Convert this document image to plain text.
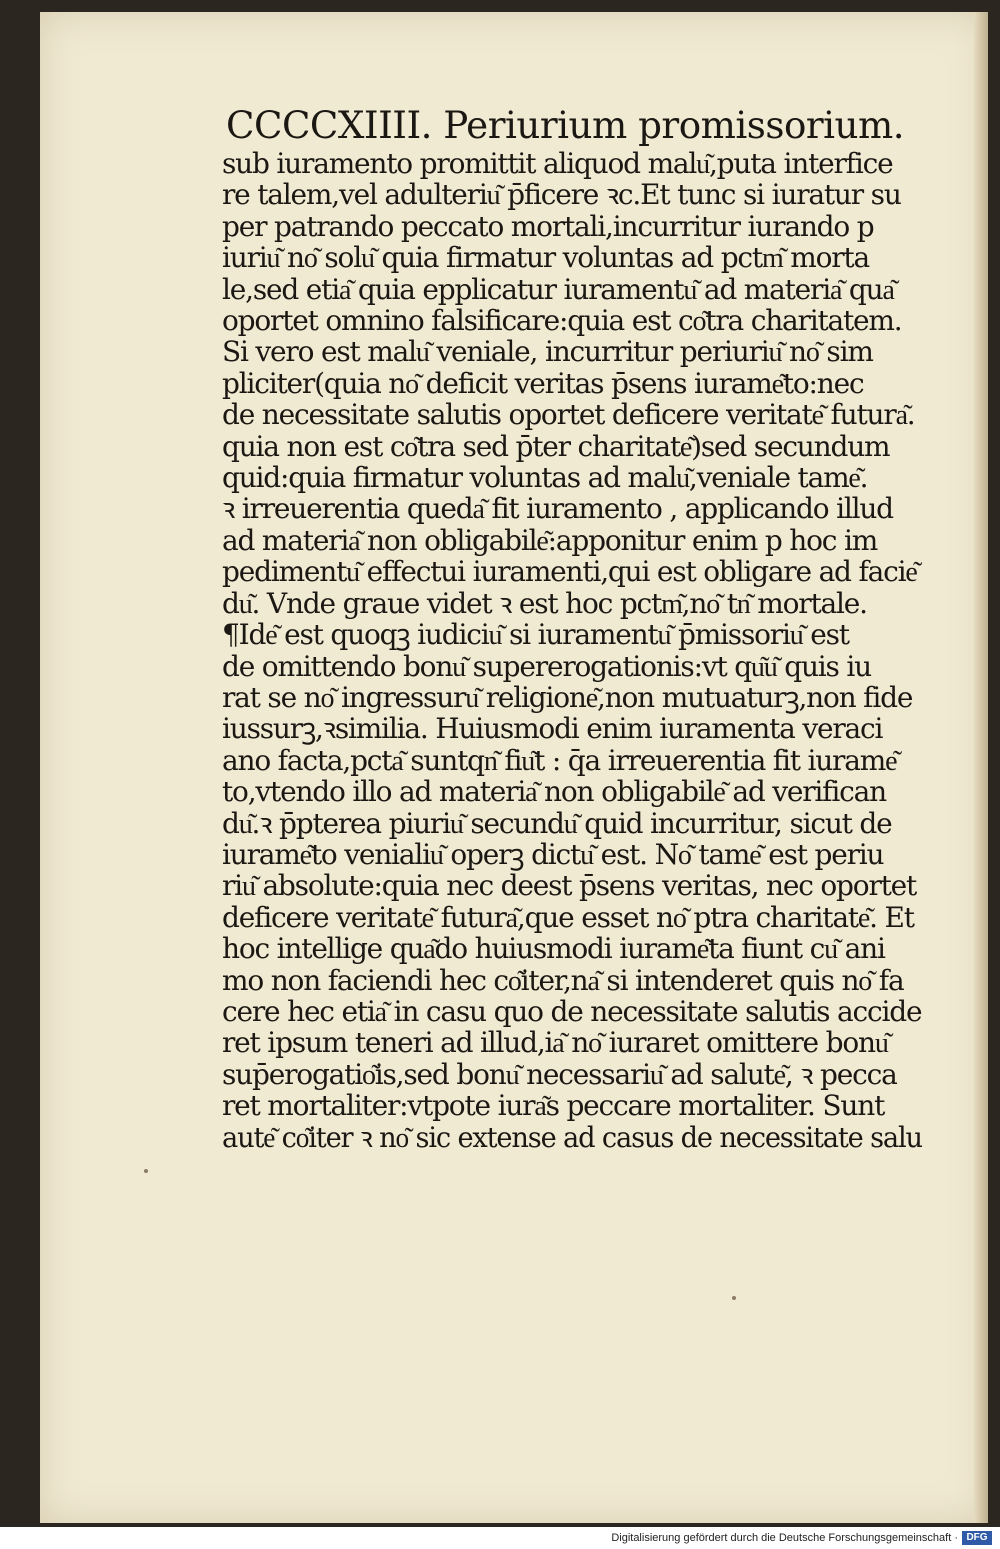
CCCCXIIII. Periurium promissorium.
sub iuramento promittit aliquod malu͂,puta interfice
re talem,vel adulteriu͂ p̄ficere ꝛc.Et tunc si iuratur su
per patrando peccato mortali,incurritur iurando p
iuriu͂ no͂ solu͂ quia firmatur voluntas ad pctm͂ morta
le,sed etia͂ quia epplicatur iuramentu͂ ad materia͂ qua͂
oportet omnino falsificare:quia est co͂tra charitatem.
Si vero est malu͂ veniale, incurritur periuriu͂ no͂ sim
pliciter(quia no͂ deficit veritas p̄sens iurame͂to:nec
de necessitate salutis oportet deficere veritate͂ futura͂.
quia non est co͂tra sed p̄ter charitate͂)sed secundum
quid:quia firmatur voluntas ad malu͂,veniale tame͂.
ꝛ irreuerentia queda͂ fit iuramento , applicando illud
ad materia͂ non obligabile͂:apponitur enim p hoc im
pedimentu͂ effectui iuramenti,qui est obligare ad facie͂
du͂. Vnde graue videt ꝛ est hoc pctm͂,no͂ tn͂ mortale.
¶Ide͂ est quoqꝫ iudiciu͂ si iuramentu͂ p̄missoriu͂ est
de omittendo bonu͂ supererogationis:vt qu͂u͂ quis iu
rat se no͂ ingressuru͂ religione͂,non mutuaturꝫ,non fide
iussurꝫ,ꝛsimilia. Huiusmodi enim iuramenta veraci
ano facta,pcta͂ suntqn͂ fiu͂t : q̄a irreuerentia fit iurame͂
to,vtendo illo ad materia͂ non obligabile͂ ad verifican
du͂.ꝛ p̄pterea piuriu͂ secundu͂ quid incurritur, sicut de
iurame͂to venialiu͂ operꝫ dictu͂ est. No͂ tame͂ est periu
riu͂ absolute:quia nec deest p̄sens veritas, nec oportet
deficere veritate͂ futura͂,que esset no͂ ptra charitate͂. Et
hoc intellige qua͂do huiusmodi iurame͂ta fiunt cu͂ ani
mo non faciendi hec co͂iter,na͂ si intenderet quis no͂ fa
cere hec etia͂ in casu quo de necessitate salutis accide
ret ipsum teneri ad illud,ia͂ no͂ iuraret omittere bonu͂
sup̄erogatio͂is,sed bonu͂ necessariu͂ ad salute͂, ꝛ pecca
ret mortaliter:vtpote iura͂s peccare mortaliter. Sunt
aute͂ co͂iter ꝛ no͂ sic extense ad casus de necessitate salu
Digitalisierung gefördert durch die Deutsche Forschungsgemeinschaft · DFG
